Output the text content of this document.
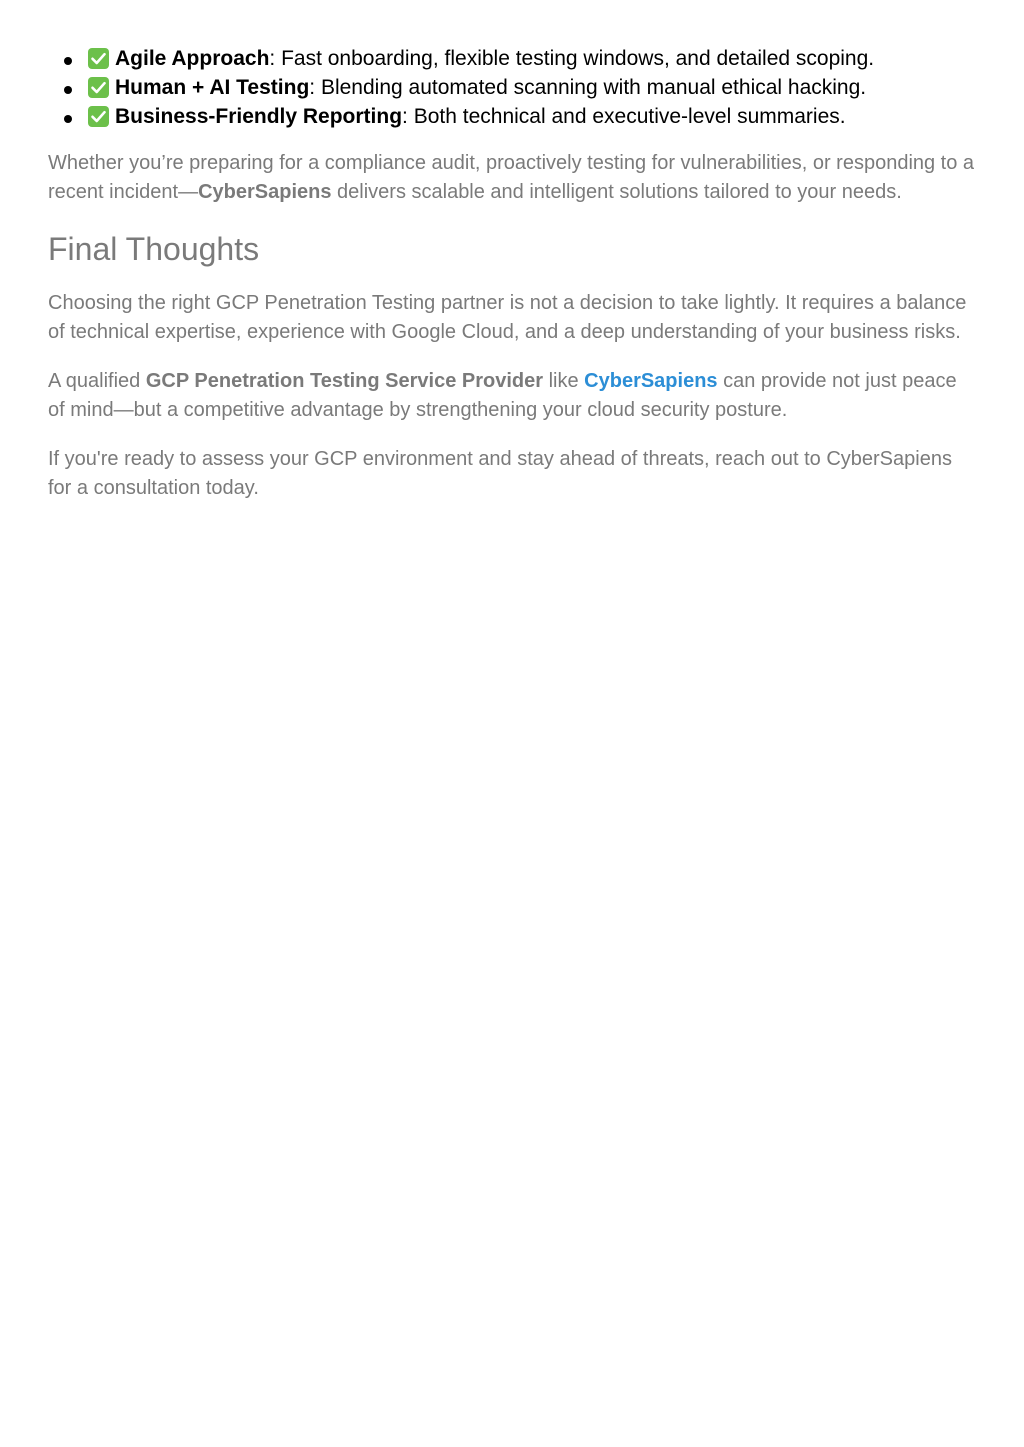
Agile Approach: Fast onboarding, flexible testing windows, and detailed scoping.
Human + AI Testing: Blending automated scanning with manual ethical hacking.
Business-Friendly Reporting: Both technical and executive-level summaries.

Whether you’re preparing for a compliance audit, proactively testing for vulnerabilities, or responding to a recent incident—CyberSapiens delivers scalable and intelligent solutions tailored to your needs.

Final Thoughts

Choosing the right GCP Penetration Testing partner is not a decision to take lightly. It requires a balance of technical expertise, experience with Google Cloud, and a deep understanding of your business risks.

A qualified GCP Penetration Testing Service Provider like CyberSapiens can provide not just peace of mind—but a competitive advantage by strengthening your cloud security posture.

If you're ready to assess your GCP environment and stay ahead of threats, reach out to CyberSapiens for a consultation today.
